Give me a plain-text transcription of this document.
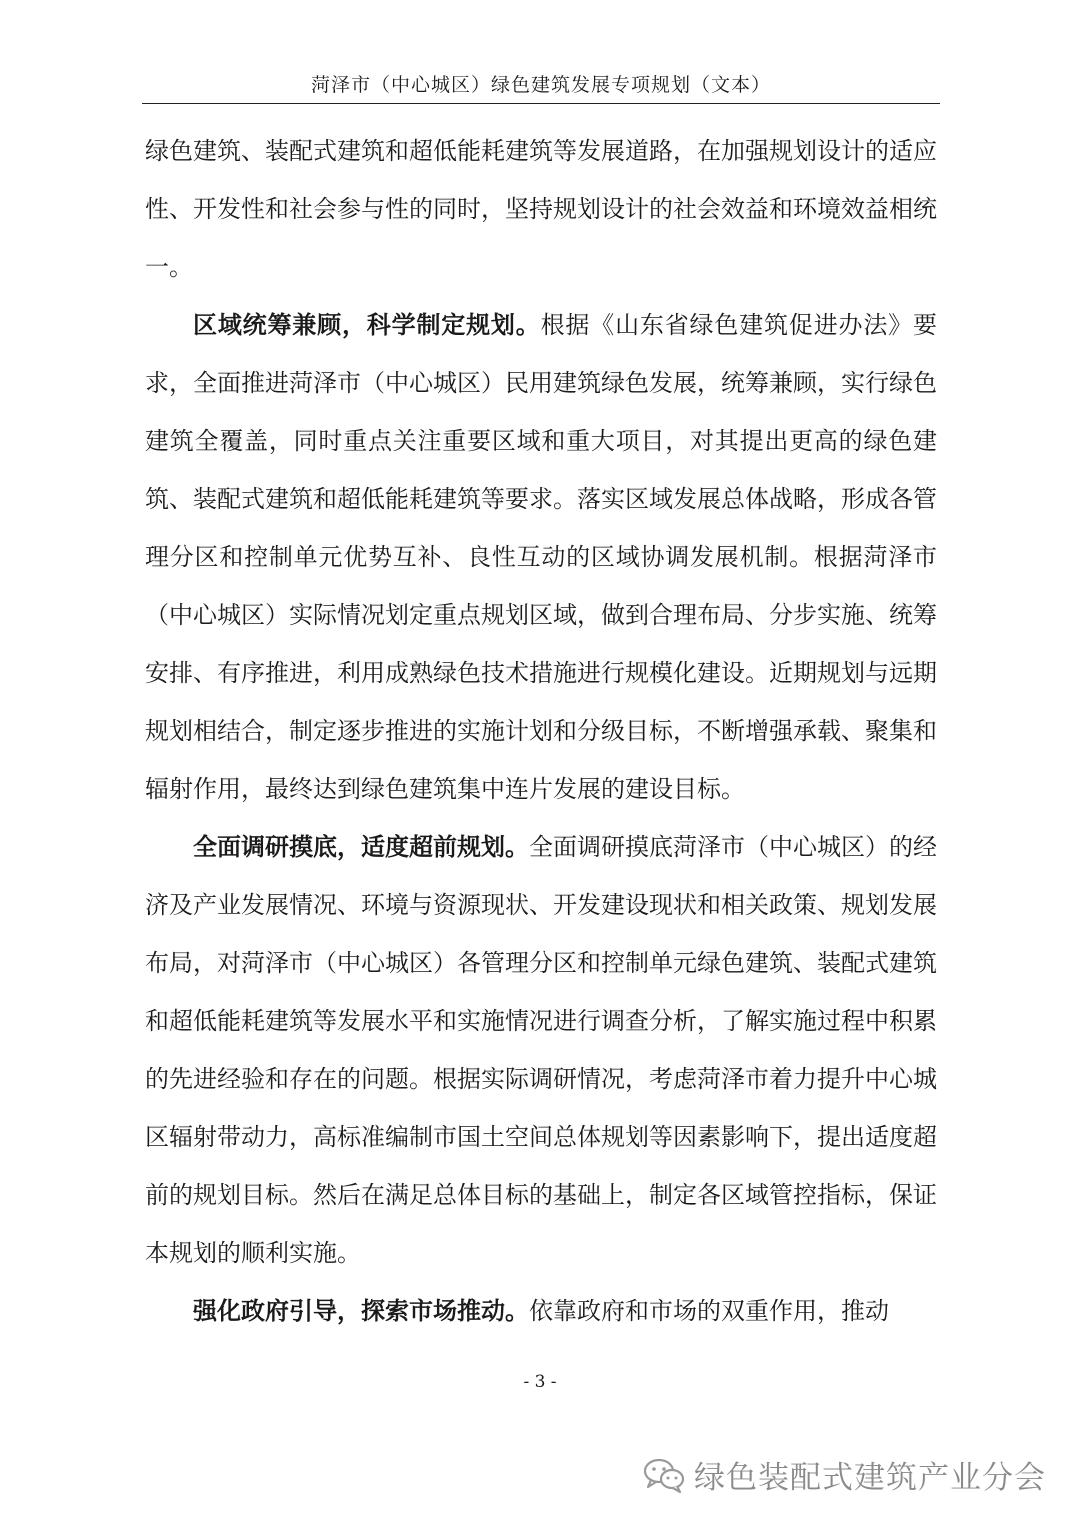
菏泽市（中心城区）绿色建筑发展专项规划（文本）

绿色建筑、装配式建筑和超低能耗建筑等发展道路，在加强规划设计的适应性、开发性和社会参与性的同时，坚持规划设计的社会效益和环境效益相统一。

区域统筹兼顾，科学制定规划。根据《山东省绿色建筑促进办法》要求，全面推进菏泽市（中心城区）民用建筑绿色发展，统筹兼顾，实行绿色建筑全覆盖，同时重点关注重要区域和重大项目，对其提出更高的绿色建筑、装配式建筑和超低能耗建筑等要求。落实区域发展总体战略，形成各管理分区和控制单元优势互补、良性互动的区域协调发展机制。根据菏泽市（中心城区）实际情况划定重点规划区域，做到合理布局、分步实施、统筹安排、有序推进，利用成熟绿色技术措施进行规模化建设。近期规划与远期规划相结合，制定逐步推进的实施计划和分级目标，不断增强承载、聚集和辐射作用，最终达到绿色建筑集中连片发展的建设目标。

全面调研摸底，适度超前规划。全面调研摸底菏泽市（中心城区）的经济及产业发展情况、环境与资源现状、开发建设现状和相关政策、规划发展布局，对菏泽市（中心城区）各管理分区和控制单元绿色建筑、装配式建筑和超低能耗建筑等发展水平和实施情况进行调查分析，了解实施过程中积累的先进经验和存在的问题。根据实际调研情况，考虑菏泽市着力提升中心城区辐射带动力，高标准编制市国土空间总体规划等因素影响下，提出适度超前的规划目标。然后在满足总体目标的基础上，制定各区域管控指标，保证本规划的顺利实施。

强化政府引导，探索市场推动。依靠政府和市场的双重作用，推动

- 3 -
绿色装配式建筑产业分会
